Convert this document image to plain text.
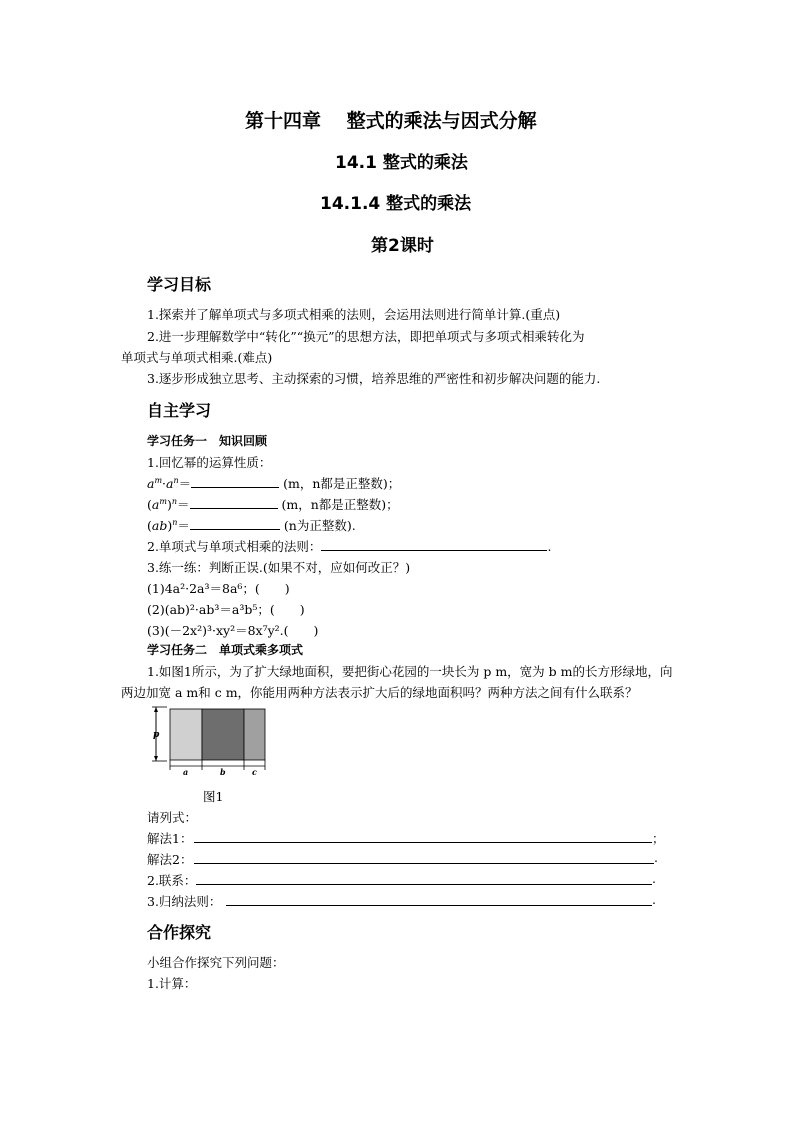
第十四章　 整式的乘法与因式分解
14.1 整式的乘法
14.1.4 整式的乘法
第2课时
学习目标
1.探索并了解单项式与多项式相乘的法则，会运用法则进行简单计算.(重点)
2.进一步理解数学中“转化”“换元”的思想方法，即把单项式与多项式相乘转化为
单项式与单项式相乘.(难点)
3.逐步形成独立思考、主动探索的习惯，培养思维的严密性和初步解决问题的能力.
自主学习
学习任务一　知识回顾
1.回忆幂的运算性质：
$a^m\cdot a^n=$	(m，n都是正整数)；
$(a^m)^n=$	(m，n都是正整数)；
(ab)$^n$＝	(n为正整数).
2.单项式与单项式相乘的法则：	.
3.练一练：判断正误.(如果不对，应如何改正？)
(1)4a²·2a³＝8a⁶；(　　)
(2)(ab)²·ab³＝a³b⁵；(　　)
(3)(－2x²)³·xy²＝8x⁷y².(　　)
学习任务二　单项式乘多项式
1.如图1所示，为了扩大绿地面积，要把街心花园的一块长为 p m，宽为 b m的长方形绿地，向
两边加宽 a m和 c m，你能用两种方法表示扩大后的绿地面积吗？两种方法之间有什么联系？
p
a	b	c
图1
请列式：
解法1：	；
解法2：	.
2.联系：	.
3.归纳法则：	.
合作探究
小组合作探究下列问题：
1.计算：
